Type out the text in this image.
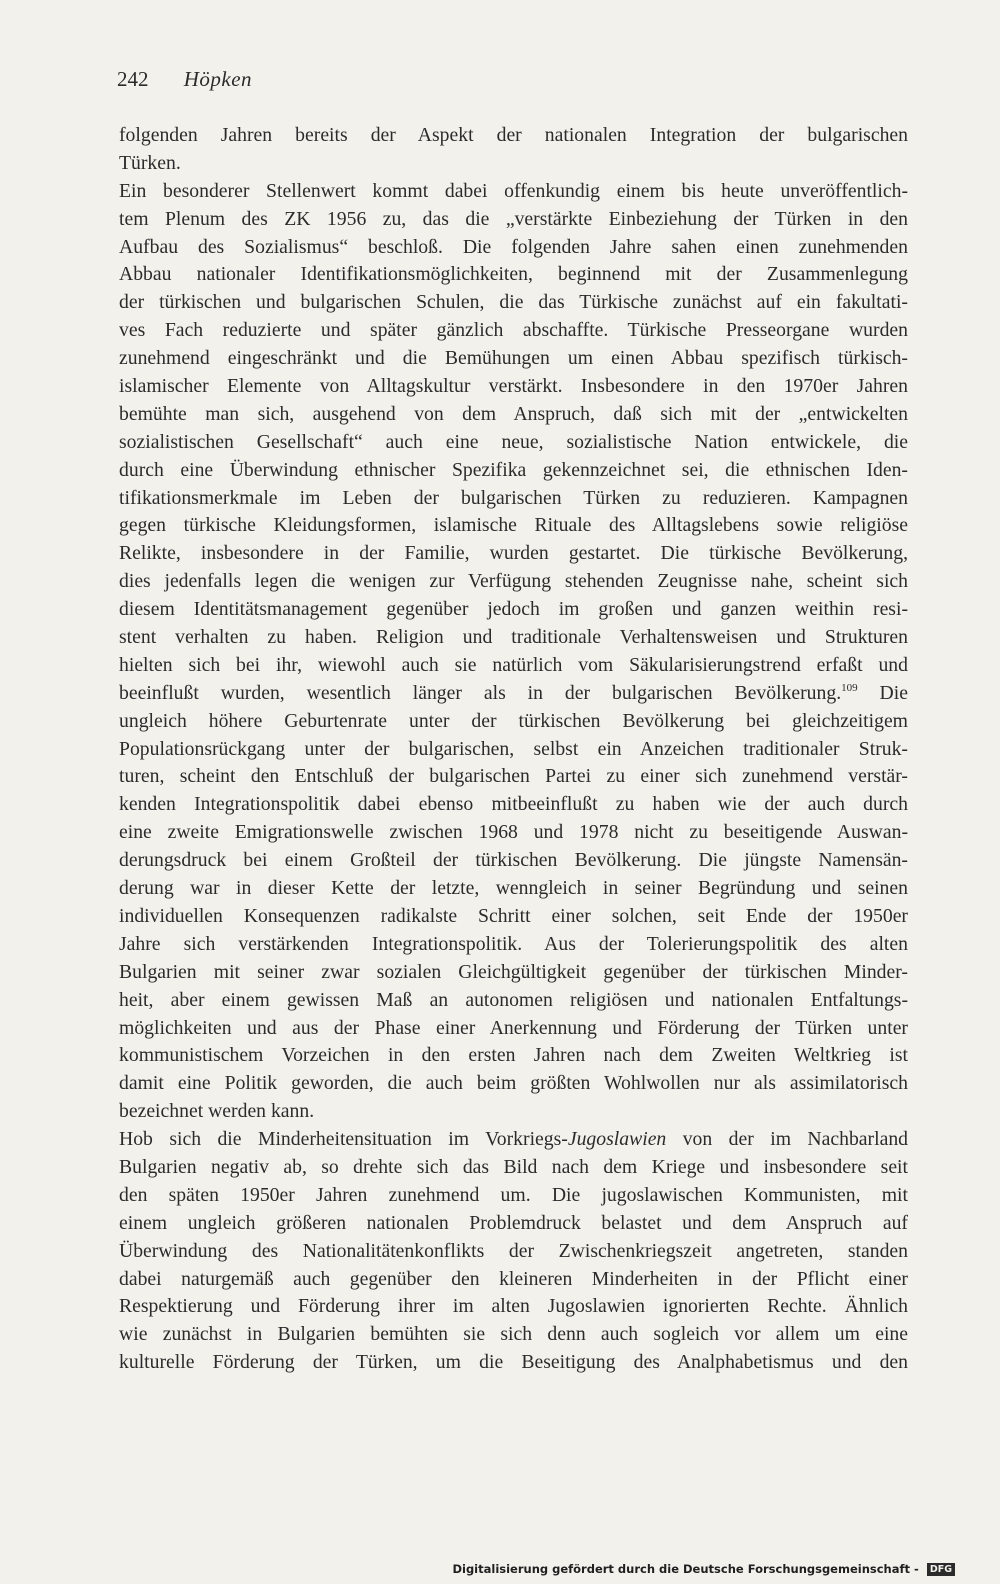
242 Höpken
folgenden Jahren bereits der Aspekt der nationalen Integration der bulgarischen
Türken.
Ein besonderer Stellenwert kommt dabei offenkundig einem bis heute unveröffentlich-
tem Plenum des ZK 1956 zu, das die „verstärkte Einbeziehung der Türken in den
Aufbau des Sozialismus“ beschloß. Die folgenden Jahre sahen einen zunehmenden
Abbau nationaler Identifikationsmöglichkeiten, beginnend mit der Zusammenlegung
der türkischen und bulgarischen Schulen, die das Türkische zunächst auf ein fakultati-
ves Fach reduzierte und später gänzlich abschaffte. Türkische Presseorgane wurden
zunehmend eingeschränkt und die Bemühungen um einen Abbau spezifisch türkisch-
islamischer Elemente von Alltagskultur verstärkt. Insbesondere in den 1970er Jahren
bemühte man sich, ausgehend von dem Anspruch, daß sich mit der „entwickelten
sozialistischen Gesellschaft“ auch eine neue, sozialistische Nation entwickele, die
durch eine Überwindung ethnischer Spezifika gekennzeichnet sei, die ethnischen Iden-
tifikationsmerkmale im Leben der bulgarischen Türken zu reduzieren. Kampagnen
gegen türkische Kleidungsformen, islamische Rituale des Alltagslebens sowie religiöse
Relikte, insbesondere in der Familie, wurden gestartet. Die türkische Bevölkerung,
dies jedenfalls legen die wenigen zur Verfügung stehenden Zeugnisse nahe, scheint sich
diesem Identitätsmanagement gegenüber jedoch im großen und ganzen weithin resi-
stent verhalten zu haben. Religion und traditionale Verhaltensweisen und Strukturen
hielten sich bei ihr, wiewohl auch sie natürlich vom Säkularisierungstrend erfaßt und
beeinflußt wurden, wesentlich länger als in der bulgarischen Bevölkerung.$^{109}$ Die
ungleich höhere Geburtenrate unter der türkischen Bevölkerung bei gleichzeitigem
Populationsrückgang unter der bulgarischen, selbst ein Anzeichen traditionaler Struk-
turen, scheint den Entschluß der bulgarischen Partei zu einer sich zunehmend verstär-
kenden Integrationspolitik dabei ebenso mitbeeinflußt zu haben wie der auch durch
eine zweite Emigrationswelle zwischen 1968 und 1978 nicht zu beseitigende Auswan-
derungsdruck bei einem Großteil der türkischen Bevölkerung. Die jüngste Namensän-
derung war in dieser Kette der letzte, wenngleich in seiner Begründung und seinen
individuellen Konsequenzen radikalste Schritt einer solchen, seit Ende der 1950er
Jahre sich verstärkenden Integrationspolitik. Aus der Tolerierungspolitik des alten
Bulgarien mit seiner zwar sozialen Gleichgültigkeit gegenüber der türkischen Minder-
heit, aber einem gewissen Maß an autonomen religiösen und nationalen Entfaltungs-
möglichkeiten und aus der Phase einer Anerkennung und Förderung der Türken unter
kommunistischem Vorzeichen in den ersten Jahren nach dem Zweiten Weltkrieg ist
damit eine Politik geworden, die auch beim größten Wohlwollen nur als assimilatorisch
bezeichnet werden kann.
Hob sich die Minderheitensituation im Vorkriegs-Jugoslawien von der im Nachbarland
Bulgarien negativ ab, so drehte sich das Bild nach dem Kriege und insbesondere seit
den späten 1950er Jahren zunehmend um. Die jugoslawischen Kommunisten, mit
einem ungleich größeren nationalen Problemdruck belastet und dem Anspruch auf
Überwindung des Nationalitätenkonflikts der Zwischenkriegszeit angetreten, standen
dabei naturgemäß auch gegenüber den kleineren Minderheiten in der Pflicht einer
Respektierung und Förderung ihrer im alten Jugoslawien ignorierten Rechte. Ähnlich
wie zunächst in Bulgarien bemühten sie sich denn auch sogleich vor allem um eine
kulturelle Förderung der Türken, um die Beseitigung des Analphabetismus und den
Digitalisierung gefördert durch die Deutsche Forschungsgemeinschaft - DFG
